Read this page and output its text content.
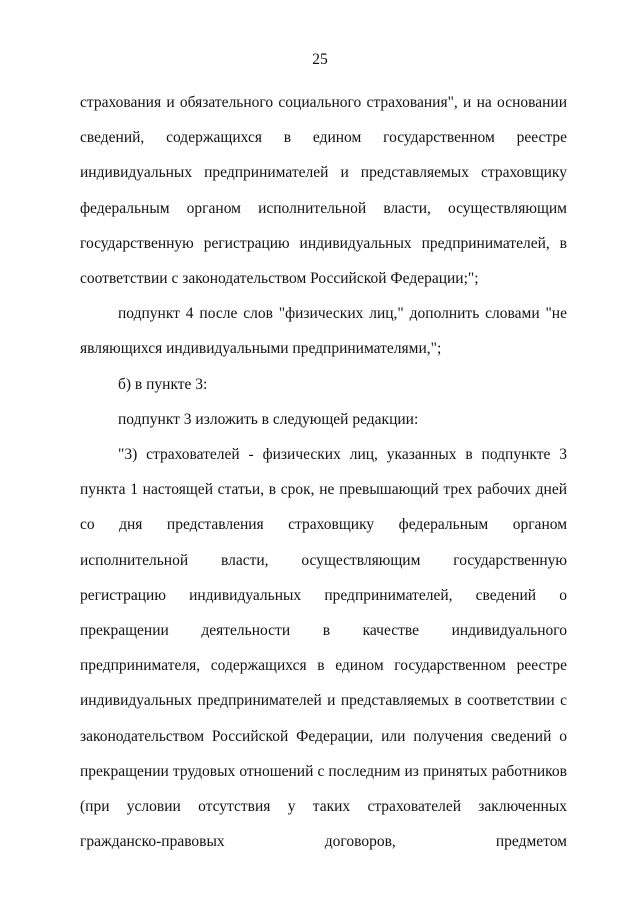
25

страхования и обязательного социального страхования", и на основании сведений, содержащихся в едином государственном реестре индивидуальных предпринимателей и представляемых страховщику федеральным органом исполнительной власти, осуществляющим государственную регистрацию индивидуальных предпринимателей, в соответствии с законодательством Российской Федерации;";

подпункт 4 после слов "физических лиц," дополнить словами "не являющихся индивидуальными предпринимателями,";

б) в пункте 3:

подпункт 3 изложить в следующей редакции:

"3) страхователей - физических лиц, указанных в подпункте 3 пункта 1 настоящей статьи, в срок, не превышающий трех рабочих дней со дня представления страховщику федеральным органом исполнительной власти, осуществляющим государственную регистрацию индивидуальных предпринимателей, сведений о прекращении деятельности в качестве индивидуального предпринимателя, содержащихся в едином государственном реестре индивидуальных предпринимателей и представляемых в соответствии с законодательством Российской Федерации, или получения сведений о прекращении трудовых отношений с последним из принятых работников (при условии отсутствия у таких страхователей заключенных гражданско-правовых договоров, предметом
